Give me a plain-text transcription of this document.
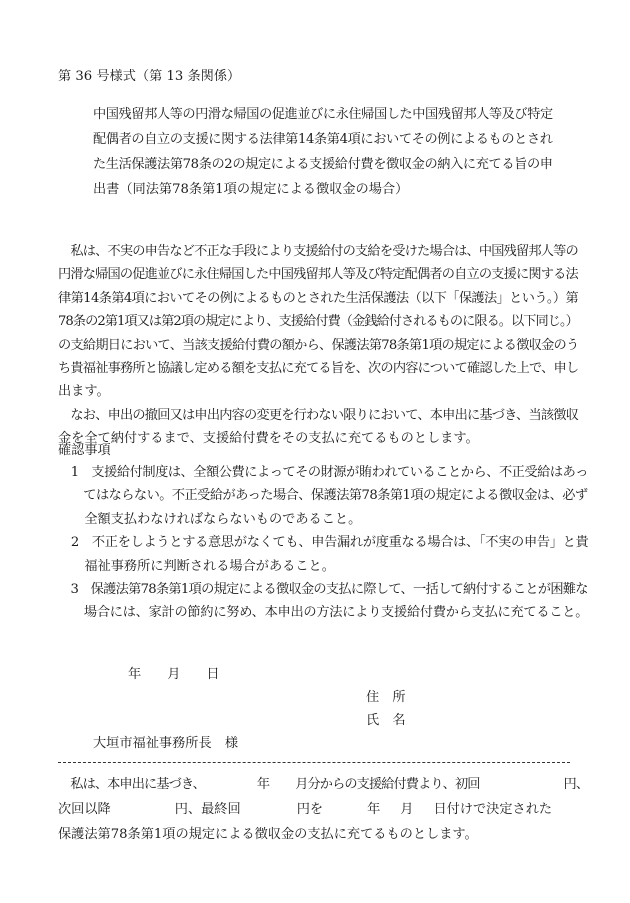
第 36 号様式（第 13 条関係）
中国残留邦人等の円滑な帰国の促進並びに永住帰国した中国残留邦人等及び特定
配偶者の自立の支援に関する法律第14条第4項においてその例によるものとされ
た生活保護法第78条の2の規定による支援給付費を徴収金の納入に充てる旨の申
出書（同法第78条第1項の規定による徴収金の場合）
　私は、不実の申告など不正な手段により支援給付の支給を受けた場合は、中国残留邦人等の
円滑な帰国の促進並びに永住帰国した中国残留邦人等及び特定配偶者の自立の支援に関する法
律第14条第4項においてその例によるものとされた生活保護法（以下「保護法」という。）第
78条の2第1項又は第2項の規定により、支援給付費（金銭給付されるものに限る。以下同じ。）
の支給期日において、当該支援給付費の額から、保護法第78条第1項の規定による徴収金のう
ち貴福祉事務所と協議し定める額を支払に充てる旨を、次の内容について確認した上で、申し
出ます。
　なお、申出の撤回又は申出内容の変更を行わない限りにおいて、本申出に基づき、当該徴収
金を全て納付するまで、支援給付費をその支払に充てるものとします。
確認事項
　1　支援給付制度は、全額公費によってその財源が賄われていることから、不正受給はあっ
　　てはならない。不正受給があった場合、保護法第78条第1項の規定による徴収金は、必ず
　　全額支払わなければならないものであること。
　2　不正をしようとする意思がなくても、申告漏れが度重なる場合は、「不実の申告」と貴
　　福祉事務所に判断される場合があること。
　3　保護法第78条第1項の規定による徴収金の支払に際して、一括して納付することが困難な
　　場合には、家計の節約に努め、本申出の方法により支援給付費から支払に充てること。
年 月 日
住　所
氏　名
大垣市福祉事務所長　様
　私は、本申出に基づき、	年 月分からの支援給付費より、初回	円、
次回以降	円、最終回	円を	年 月 日付けで決定された
保護法第78条第1項の規定による徴収金の支払に充てるものとします。
